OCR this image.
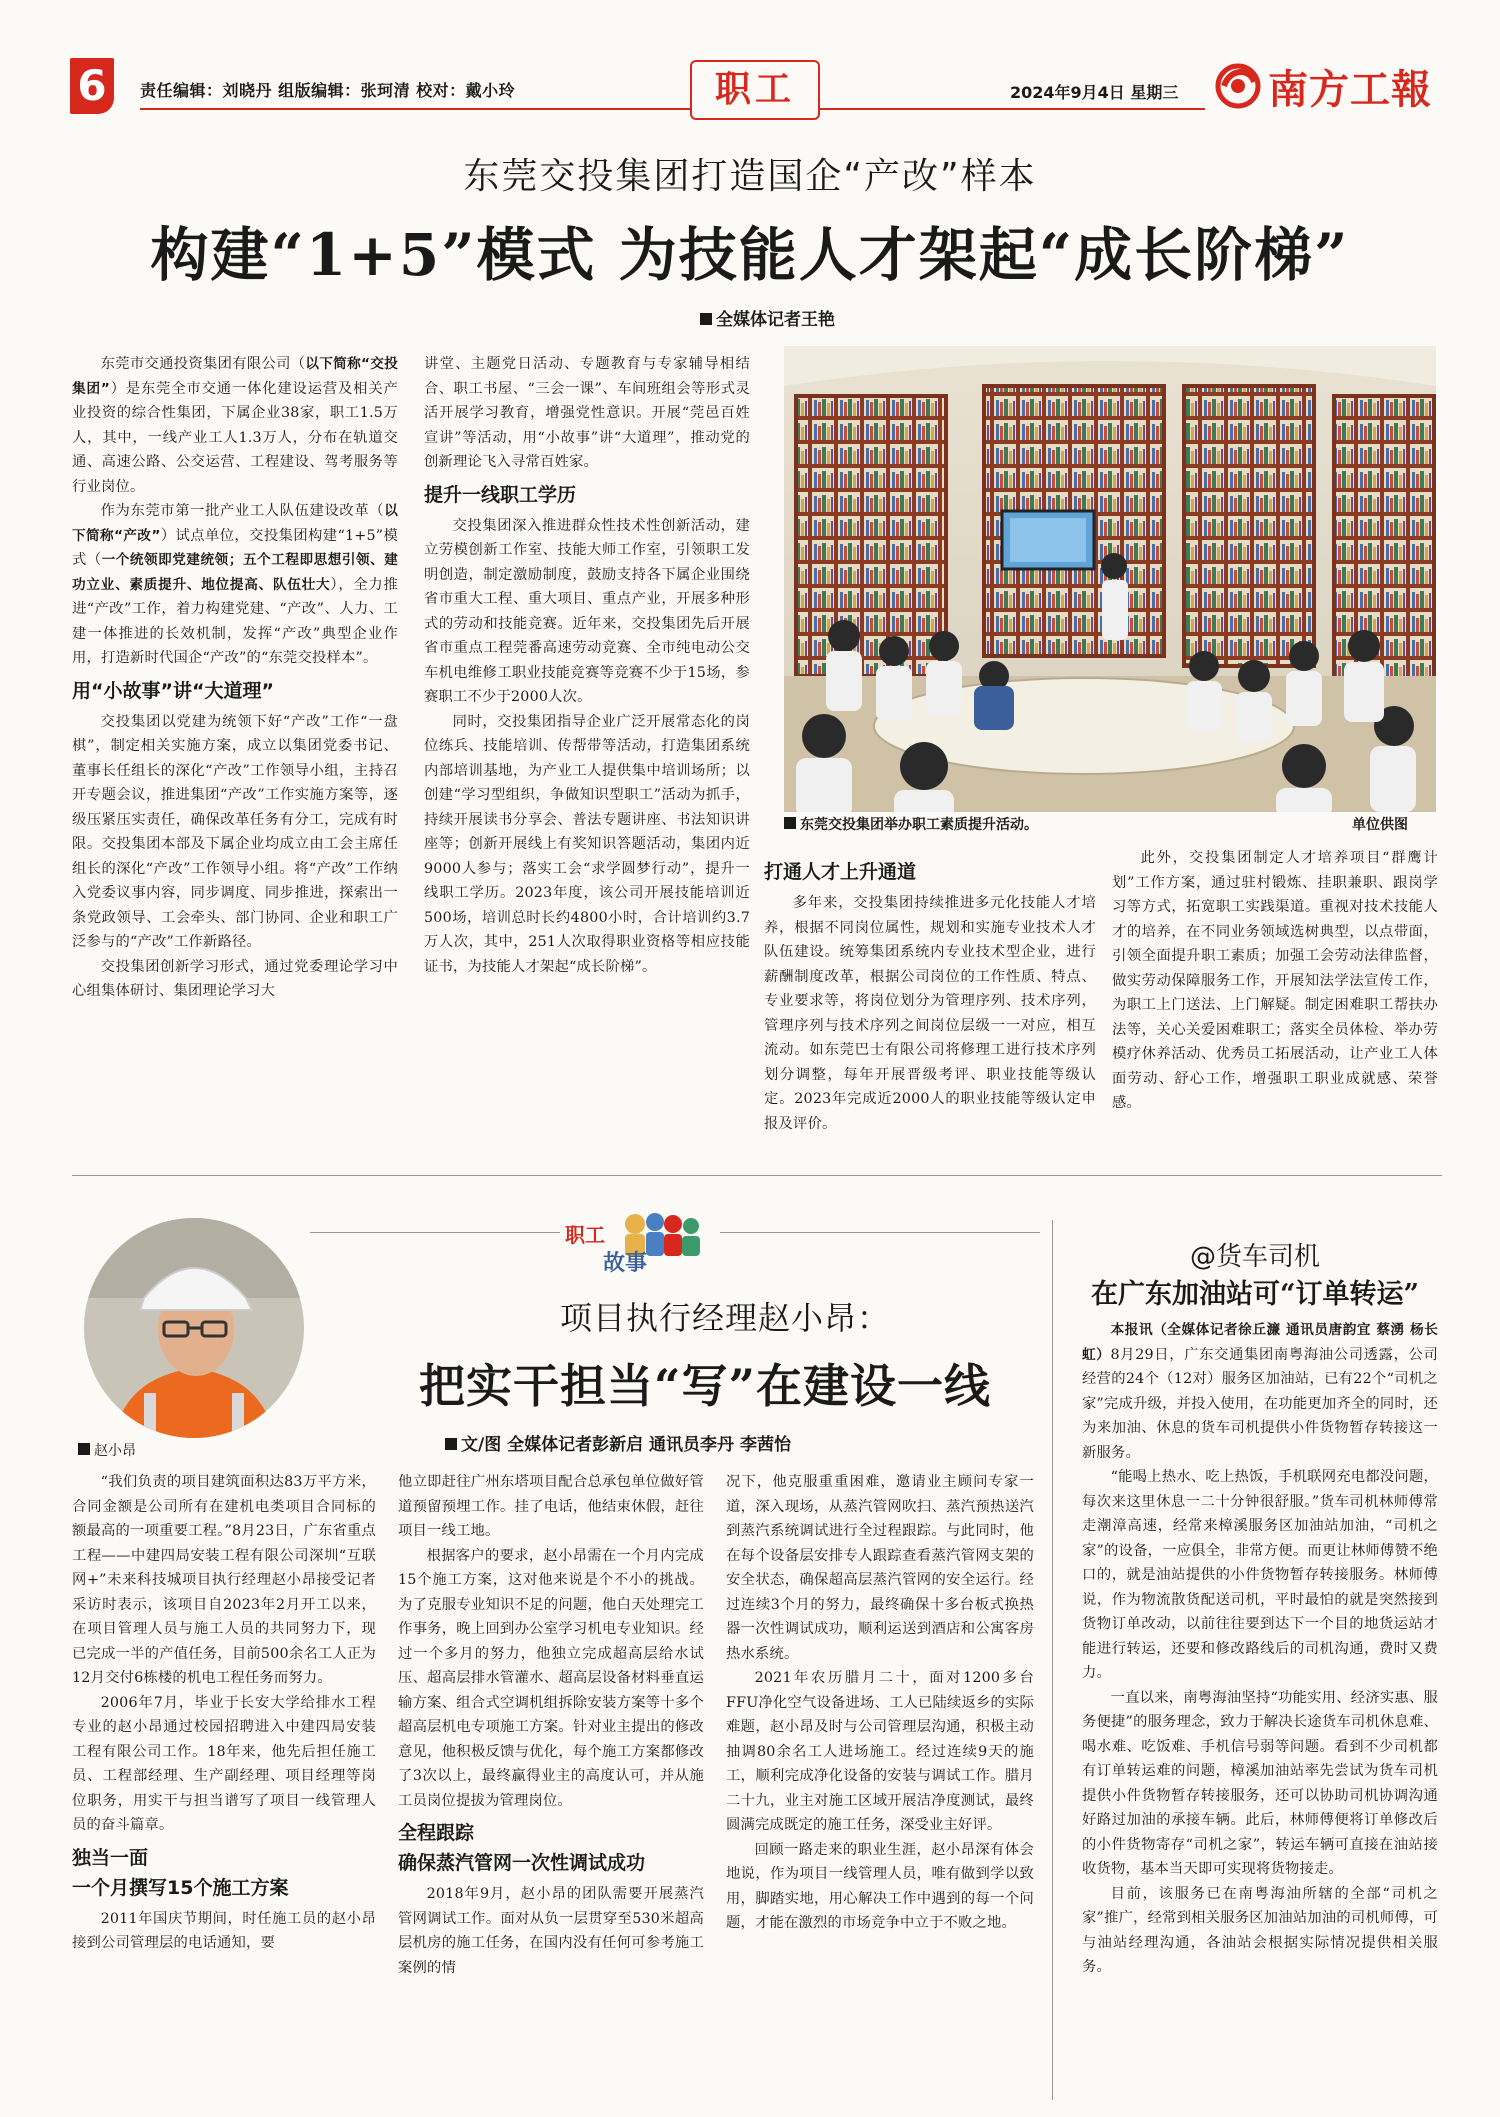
6	责任编辑：刘晓丹 组版编辑：张珂清 校对：戴小玲	职工	2024年9月4日 星期三 南方工報
东莞交投集团打造国企“产改”样本
构建“1+5”模式 为技能人才架起“成长阶梯”
全媒体记者王艳

东莞市交通投资集团有限公司（以下简称“交投集团”）是东莞全市交通一体化建设运营及相关产业投资的综合性集团，下属企业38家，职工1.5万人，其中，一线产业工人1.3万人，分布在轨道交通、高速公路、公交运营、工程建设、驾考服务等行业岗位。

作为东莞市第一批产业工人队伍建设改革（以下简称“产改”）试点单位，交投集团构建“1+5”模式（一个统领即党建统领；五个工程即思想引领、建功立业、素质提升、地位提高、队伍壮大），全力推进“产改”工作，着力构建党建、“产改”、人力、工建一体推进的长效机制，发挥“产改”典型企业作用，打造新时代国企“产改”的“东莞交投样本”。

用“小故事”讲“大道理”

交投集团以党建为统领下好“产改”工作“一盘棋”，制定相关实施方案，成立以集团党委书记、董事长任组长的深化“产改”工作领导小组，主持召开专题会议，推进集团“产改”工作实施方案等，逐级压紧压实责任，确保改革任务有分工，完成有时限。交投集团本部及下属企业均成立由工会主席任组长的深化“产改”工作领导小组。将“产改”工作纳入党委议事内容，同步调度、同步推进，探索出一条党政领导、工会牵头、部门协同、企业和职工广泛参与的“产改”工作新路径。

交投集团创新学习形式，通过党委理论学习中心组集体研讨、集团理论学习大

讲堂、主题党日活动、专题教育与专家辅导相结合、职工书屋、“三会一课”、车间班组会等形式灵活开展学习教育，增强党性意识。开展“莞邑百姓宣讲”等活动，用“小故事”讲“大道理”，推动党的创新理论飞入寻常百姓家。

提升一线职工学历

交投集团深入推进群众性技术性创新活动，建立劳模创新工作室、技能大师工作室，引领职工发明创造，制定激励制度，鼓励支持各下属企业围绕省市重大工程、重大项目、重点产业，开展多种形式的劳动和技能竞赛。近年来，交投集团先后开展省市重点工程莞番高速劳动竞赛、全市纯电动公交车机电维修工职业技能竞赛等竞赛不少于15场，参赛职工不少于2000人次。

同时，交投集团指导企业广泛开展常态化的岗位练兵、技能培训、传帮带等活动，打造集团系统内部培训基地，为产业工人提供集中培训场所；以创建“学习型组织，争做知识型职工”活动为抓手，持续开展读书分享会、普法专题讲座、书法知识讲座等；创新开展线上有奖知识答题活动，集团内近9000人参与；落实工会“求学圆梦行动”，提升一线职工学历。2023年度，该公司开展技能培训近500场，培训总时长约4800小时，合计培训约3.7万人次，其中，251人次取得职业资格等相应技能证书，为技能人才架起“成长阶梯”。

东莞交投集团举办职工素质提升活动。	单位供图
打通人才上升通道

多年来，交投集团持续推进多元化技能人才培养，根据不同岗位属性，规划和实施专业技术人才队伍建设。统筹集团系统内专业技术型企业，进行薪酬制度改革，根据公司岗位的工作性质、特点、专业要求等，将岗位划分为管理序列、技术序列，管理序列与技术序列之间岗位层级一一对应，相互流动。如东莞巴士有限公司将修理工进行技术序列划分调整，每年开展晋级考评、职业技能等级认定。2023年完成近2000人的职业技能等级认定申报及评价。

此外，交投集团制定人才培养项目“群鹰计划”工作方案，通过驻村锻炼、挂职兼职、跟岗学习等方式，拓宽职工实践渠道。重视对技术技能人才的培养，在不同业务领域选树典型，以点带面，引领全面提升职工素质；加强工会劳动法律监督，做实劳动保障服务工作，开展知法学法宣传工作，为职工上门送法、上门解疑。制定困难职工帮扶办法等，关心关爱困难职工；落实全员体检、举办劳模疗休养活动、优秀员工拓展活动，让产业工人体面劳动、舒心工作，增强职工职业成就感、荣誉感。

赵小昂
职工
故事
项目执行经理赵小昂：
把实干担当“写”在建设一线
文/图 全媒体记者彭新启 通讯员李丹 李茜怡

“我们负责的项目建筑面积达83万平方米，合同金额是公司所有在建机电类项目合同标的额最高的一项重要工程。”8月23日，广东省重点工程——中建四局安装工程有限公司深圳“互联网+”未来科技城项目执行经理赵小昂接受记者采访时表示，该项目自2023年2月开工以来，在项目管理人员与施工人员的共同努力下，现已完成一半的产值任务，目前500余名工人正为12月交付6栋楼的机电工程任务而努力。

2006年7月，毕业于长安大学给排水工程专业的赵小昂通过校园招聘进入中建四局安装工程有限公司工作。18年来，他先后担任施工员、工程部经理、生产副经理、项目经理等岗位职务，用实干与担当谱写了项目一线管理人员的奋斗篇章。

独当一面
一个月撰写15个施工方案

2011年国庆节期间，时任施工员的赵小昂接到公司管理层的电话通知，要

他立即赶往广州东塔项目配合总承包单位做好管道预留预埋工作。挂了电话，他结束休假，赶往项目一线工地。

根据客户的要求，赵小昂需在一个月内完成15个施工方案，这对他来说是个不小的挑战。为了克服专业知识不足的问题，他白天处理完工作事务，晚上回到办公室学习机电专业知识。经过一个多月的努力，他独立完成超高层给水试压、超高层排水管灌水、超高层设备材料垂直运输方案、组合式空调机组拆除安装方案等十多个超高层机电专项施工方案。针对业主提出的修改意见，他积极反馈与优化，每个施工方案都修改了3次以上，最终赢得业主的高度认可，并从施工员岗位提拔为管理岗位。

全程跟踪
确保蒸汽管网一次性调试成功

2018年9月，赵小昂的团队需要开展蒸汽管网调试工作。面对从负一层贯穿至530米超高层机房的施工任务，在国内没有任何可参考施工案例的情

况下，他克服重重困难，邀请业主顾问专家一道，深入现场，从蒸汽管网吹扫、蒸汽预热送汽到蒸汽系统调试进行全过程跟踪。与此同时，他在每个设备层安排专人跟踪查看蒸汽管网支架的安全状态，确保超高层蒸汽管网的安全运行。经过连续3个月的努力，最终确保十多台板式换热器一次性调试成功，顺利运送到酒店和公寓客房热水系统。

2021年农历腊月二十，面对1200多台FFU净化空气设备进场、工人已陆续返乡的实际难题，赵小昂及时与公司管理层沟通，积极主动抽调80余名工人进场施工。经过连续9天的施工，顺利完成净化设备的安装与调试工作。腊月二十九，业主对施工区域开展洁净度测试，最终圆满完成既定的施工任务，深受业主好评。

回顾一路走来的职业生涯，赵小昂深有体会地说，作为项目一线管理人员，唯有做到学以致用，脚踏实地，用心解决工作中遇到的每一个问题，才能在激烈的市场竞争中立于不败之地。

@货车司机
在广东加油站可“订单转运”

本报讯（全媒体记者徐丘濂 通讯员唐韵宜 蔡湧 杨长虹）8月29日，广东交通集团南粤海油公司透露，公司经营的24个（12对）服务区加油站，已有22个“司机之家”完成升级，并投入使用，在功能更加齐全的同时，还为来加油、休息的货车司机提供小件货物暂存转接这一新服务。

“能喝上热水、吃上热饭，手机联网充电都没问题，每次来这里休息一二十分钟很舒服。”货车司机林师傅常走潮漳高速，经常来樟溪服务区加油站加油，“司机之家”的设备，一应俱全，非常方便。而更让林师傅赞不绝口的，就是油站提供的小件货物暂存转接服务。林师傅说，作为物流散货配送司机，平时最怕的就是突然接到货物订单改动，以前往往要到达下一个目的地货运站才能进行转运，还要和修改路线后的司机沟通，费时又费力。

一直以来，南粤海油坚持“功能实用、经济实惠、服务便捷”的服务理念，致力于解决长途货车司机休息难、喝水难、吃饭难、手机信号弱等问题。看到不少司机都有订单转运难的问题，樟溪加油站率先尝试为货车司机提供小件货物暂存转接服务，还可以协助司机协调沟通好路过加油的承接车辆。此后，林师傅便将订单修改后的小件货物寄存“司机之家”，转运车辆可直接在油站接收货物，基本当天即可实现将货物接走。

目前，该服务已在南粤海油所辖的全部“司机之家”推广，经常到相关服务区加油站加油的司机师傅，可与油站经理沟通，各油站会根据实际情况提供相关服务。
